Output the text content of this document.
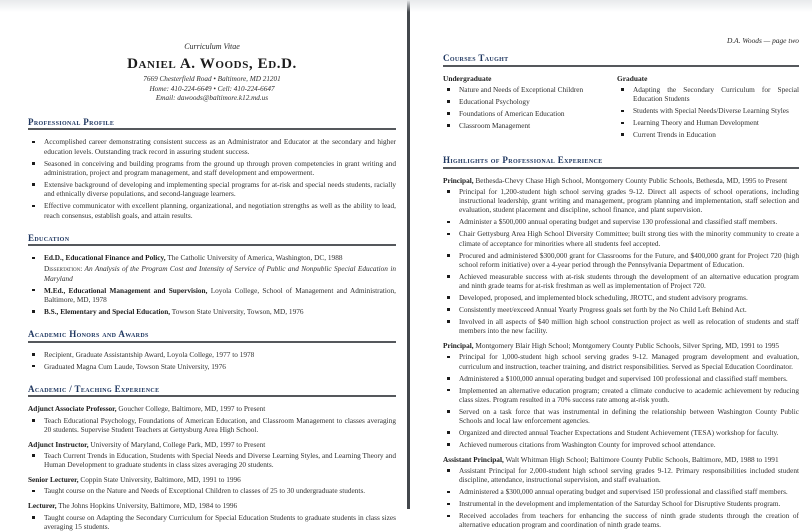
Curriculum Vitae
Daniel A. Woods, Ed.D.
7669 Chesterfield Road • Baltimore, MD 21201
Home: 410-224-6649 • Cell: 410-224-6647
Email: dawoods@baltimore.k12.md.us
Professional Profile
Accomplished career demonstrating consistent success as an Administrator and Educator at the secondary and higher education levels. Outstanding track record in assuring student success.
Seasoned in conceiving and building programs from the ground up through proven competencies in grant writing and administration, project and program management, and staff development and empowerment.
Extensive background of developing and implementing special programs for at-risk and special needs students, racially and ethnically diverse populations, and second-language learners.
Effective communicator with excellent planning, organizational, and negotiation strengths as well as the ability to lead, reach consensus, establish goals, and attain results.
Education
Ed.D., Educational Finance and Policy, The Catholic University of America, Washington, DC, 1988
Dissertation: An Analysis of the Program Cost and Intensity of Service of Public and Nonpublic Special Education in Maryland
M.Ed., Educational Management and Supervision, Loyola College, School of Management and Administration, Baltimore, MD, 1978
B.S., Elementary and Special Education, Towson State University, Towson, MD, 1976
Academic Honors and Awards
Recipient, Graduate Assistantship Award, Loyola College, 1977 to 1978
Graduated Magna Cum Laude, Towson State University, 1976
Academic / Teaching Experience
Adjunct Associate Professor, Goucher College, Baltimore, MD, 1997 to Present
Teach Educational Psychology, Foundations of American Education, and Classroom Management to classes averaging 20 students. Supervise Student Teachers at Gettysburg Area High School.
Adjunct Instructor, University of Maryland, College Park, MD, 1997 to Present
Teach Current Trends in Education, Students with Special Needs and Diverse Learning Styles, and Learning Theory and Human Development to graduate students in class sizes averaging 20 students.
Senior Lecturer, Coppin State University, Baltimore, MD, 1991 to 1996
Taught course on the Nature and Needs of Exceptional Children to classes of 25 to 30 undergraduate students.
Lecturer, The Johns Hopkins University, Baltimore, MD, 1984 to 1996
Taught course on Adapting the Secondary Curriculum for Special Education Students to graduate students in class sizes averaging 15 students.
D.A. Woods — page two
Courses Taught
Undergraduate
Nature and Needs of Exceptional Children
Educational Psychology
Foundations of American Education
Classroom Management
Graduate
Adapting the Secondary Curriculum for Special Education Students
Students with Special Needs/Diverse Learning Styles
Learning Theory and Human Development
Current Trends in Education
Highlights of Professional Experience
Principal, Bethesda-Chevy Chase High School, Montgomery County Public Schools, Bethesda, MD, 1995 to Present
Principal for 1,200-student high school serving grades 9-12. Direct all aspects of school operations, including instructional leadership, grant writing and management, program planning and implementation, staff selection and evaluation, student placement and discipline, school finance, and plant supervision.
Administer a $500,000 annual operating budget and supervise 130 professional and classified staff members.
Chair Gettysburg Area High School Diversity Committee; built strong ties with the minority community to create a climate of acceptance for minorities where all students feel accepted.
Procured and administered $300,000 grant for Classrooms for the Future, and $400,000 grant for Project 720 (high school reform initiative) over a 4-year period through the Pennsylvania Department of Education.
Achieved measurable success with at-risk students through the development of an alternative education program and ninth grade teams for at-risk freshman as well as implementation of Project 720.
Developed, proposed, and implemented block scheduling, JROTC, and student advisory programs.
Consistently meet/exceed Annual Yearly Progress goals set forth by the No Child Left Behind Act.
Involved in all aspects of $40 million high school construction project as well as relocation of students and staff members into the new facility.
Principal, Montgomery Blair High School; Montgomery County Public Schools, Silver Spring, MD, 1991 to 1995
Principal for 1,000-student high school serving grades 9-12. Managed program development and evaluation, curriculum and instruction, teacher training, and district responsibilities. Served as Special Education Coordinator.
Administered a $100,000 annual operating budget and supervised 100 professional and classified staff members.
Implemented an alternative education program; created a climate conducive to academic achievement by reducing class sizes. Program resulted in a 70% success rate among at-risk youth.
Served on a task force that was instrumental in defining the relationship between Washington County Public Schools and local law enforcement agencies.
Organized and directed annual Teacher Expectations and Student Achievement (TESA) workshop for faculty.
Achieved numerous citations from Washington County for improved school attendance.
Assistant Principal, Walt Whitman High School; Baltimore County Public Schools, Baltimore, MD, 1988 to 1991
Assistant Principal for 2,000-student high school serving grades 9-12. Primary responsibilities included student discipline, attendance, instructional supervision, and staff evaluation.
Administered a $300,000 annual operating budget and supervised 150 professional and classified staff members.
Instrumental in the development and implementation of the Saturday School for Disruptive Students program.
Received accolades from teachers for enhancing the success of ninth grade students through the creation of alternative education program and coordination of ninth grade teams.
